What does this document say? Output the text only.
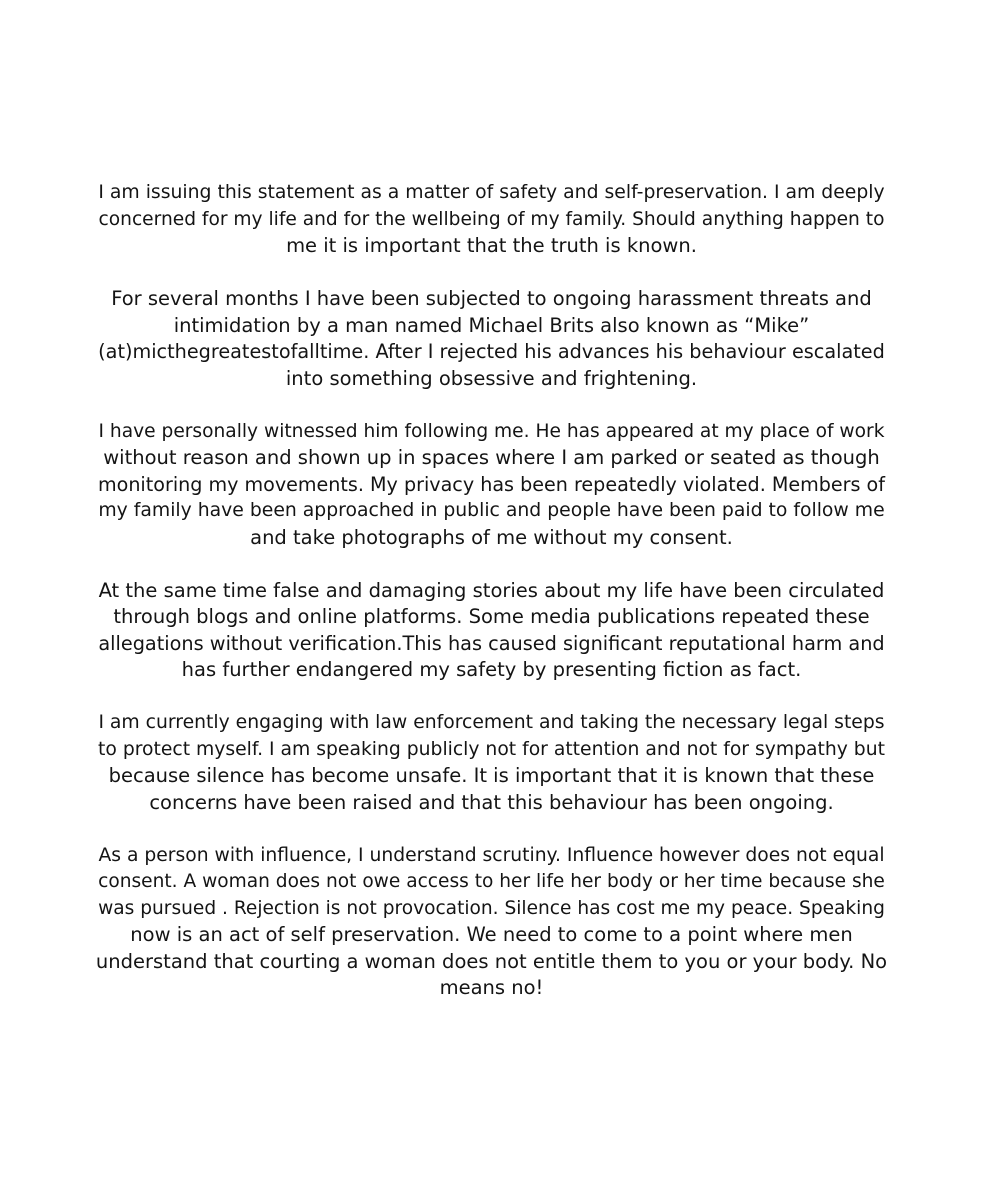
I am issuing this statement as a matter of safety and self-preservation. I am deeply
concerned for my life and for the wellbeing of my family. Should anything happen to
me it is important that the truth is known.

For several months I have been subjected to ongoing harassment threats and
intimidation by a man named Michael Brits also known as “Mike”
(at)micthegreatestofalltime. After I rejected his advances his behaviour escalated
into something obsessive and frightening.

I have personally witnessed him following me. He has appeared at my place of work
without reason and shown up in spaces where I am parked or seated as though
monitoring my movements. My privacy has been repeatedly violated. Members of
my family have been approached in public and people have been paid to follow me
and take photographs of me without my consent.

At the same time false and damaging stories about my life have been circulated
through blogs and online platforms. Some media publications repeated these
allegations without verification.This has caused significant reputational harm and
has further endangered my safety by presenting fiction as fact.

I am currently engaging with law enforcement and taking the necessary legal steps
to protect myself. I am speaking publicly not for attention and not for sympathy but
because silence has become unsafe. It is important that it is known that these
concerns have been raised and that this behaviour has been ongoing.

As a person with influence, I understand scrutiny. Influence however does not equal
consent. A woman does not owe access to her life her body or her time because she
was pursued . Rejection is not provocation. Silence has cost me my peace. Speaking
now is an act of self preservation. We need to come to a point where men
understand that courting a woman does not entitle them to you or your body. No
means no!
